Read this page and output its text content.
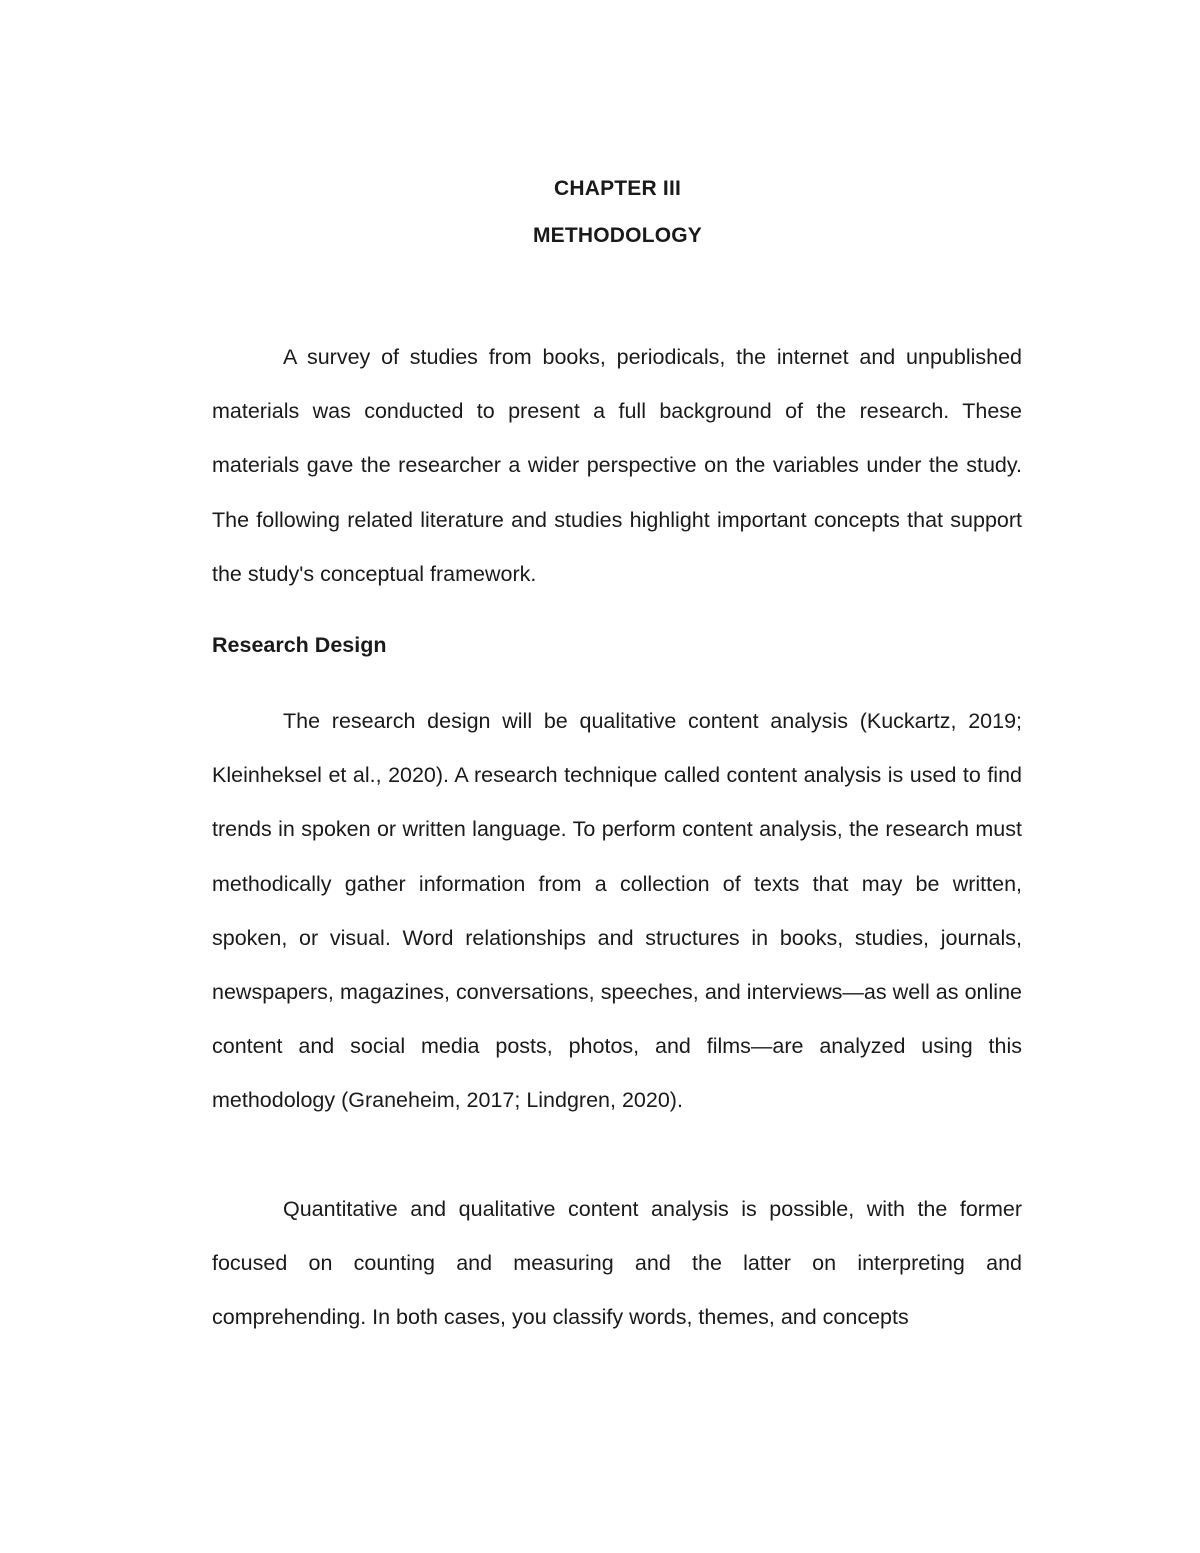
CHAPTER III
METHODOLOGY

A survey of studies from books, periodicals, the internet and unpublished materials was conducted to present a full background of the research. These materials gave the researcher a wider perspective on the variables under the study. The following related literature and studies highlight important concepts that support the study's conceptual framework.

Research Design

The research design will be qualitative content analysis (Kuckartz, 2019; Kleinheksel et al., 2020). A research technique called content analysis is used to find trends in spoken or written language. To perform content analysis, the research must methodically gather information from a collection of texts that may be written, spoken, or visual. Word relationships and structures in books, studies, journals, newspapers, magazines, conversations, speeches, and interviews—as well as online content and social media posts, photos, and films—are analyzed using this methodology (Graneheim, 2017; Lindgren, 2020).

Quantitative and qualitative content analysis is possible, with the former focused on counting and measuring and the latter on interpreting and comprehending. In both cases, you classify words, themes, and concepts
